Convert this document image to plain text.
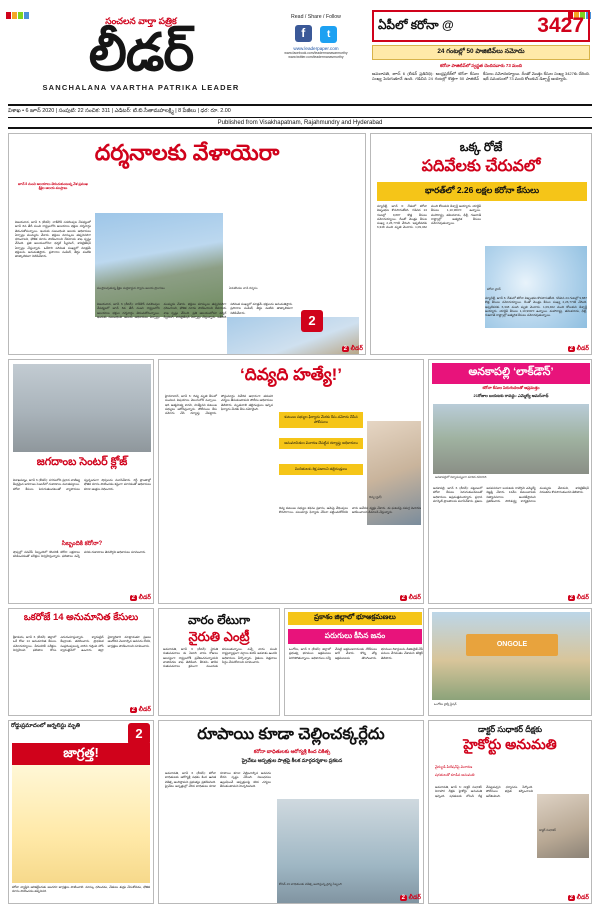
సంచలన వార్తా పత్రిక
లీడర్
SANCHALANA VAARTHA PATRIKA LEADER
Read / Share / Follow
f t
www.leaderpaper.com
www.facebook.com/leadermanavarmurthy
www.twitter.com/leadermanavmurthy
ఏపీలో కరోనా @	3427
24 గంటల్లో 50 పాజిటివ్‌లు నమోదు
కరోనా పాజిటివ్‌లో స్వస్థత చెందినవారు 73 మంది
అమరావతి, జూన్ 6 (లీడర్ ప్రతినిధి): ఆంధ్రప్రదేశ్‌లో కరోనా కేసుల సంఖ్య పెరుగుతూనే ఉంది. గడిచిన 24 గంటల్లో కొత్తగా 50 పాజిటివ్ కేసులు నమోదయ్యాయి. దీంతో మొత్తం కేసుల సంఖ్య 3427కు చేరింది. ఇదే సమయంలో 73 మంది కోలుకుని డిశ్చార్జ్ అయ్యారు.
విశాఖ • 6 జూన్ 2020 | సంపుటి: 22 సంచిక: 311 | ఎడిటర్: టి.బి.సీతామహలక్ష్మి | 8 పేజీలు | ధర: రూ. 2.00
Published from Visakhapatnam, Rajahmundry and Hyderabad
దర్శనాలకు వేళాయెరా
జూన్ 8 నుంచి ఆలయాలు తెరుచుకుంటున్న వేళ ప్రముఖ శ్రీశైల ఆలయ ముస్తాబు
ముస్తాబవుతున్న శ్రీశైల మల్లికార్జున స్వామి ఆలయ ప్రాంగణం	ఏడుకొండల వాడి దర్శనం
విజయవాడ, జూన్ 6 (లీడర్): లాక్‌డౌన్ సడలింపుల నేపథ్యంలో జూన్ 8వ తేదీ నుంచి రాష్ట్రంలోని ఆలయాలు భక్తుల దర్శనార్థం తెరుచుకోనున్నాయి. ఇందుకు సంబంధించి ఆలయ అధికారులు ఏర్పాట్లు ముమ్మరం చేశారు. భక్తులు మాస్కులు తప్పనిసరిగా ధరించాలని, భౌతిక దూరం పాటించాలని దేవదాయ శాఖ స్పష్టం చేసింది. ప్రతి ఆలయంలోనూ థర్మల్ స్క్రీనింగ్, శానిటైజేషన్ ఏర్పాట్లు చేస్తున్నారు. ఒకేసారి పరిమిత సంఖ్యలో మాత్రమే భక్తులను అనుమతిస్తారు. ప్రసాదాల పంపిణీ, తీర్థం వంటివి తాత్కాలికంగా నిలిపివేశారు.
విజయవాడ, జూన్ 6 (లీడర్): లాక్‌డౌన్ సడలింపుల నేపథ్యంలో జూన్ 8వ తేదీ నుంచి రాష్ట్రంలోని ఆలయాలు భక్తుల దర్శనార్థం తెరుచుకోనున్నాయి. ఇందుకు సంబంధించి ఆలయ అధికారులు ఏర్పాట్లు ముమ్మరం చేశారు. భక్తులు మాస్కులు తప్పనిసరిగా ధరించాలని, భౌతిక దూరం పాటించాలని దేవదాయ శాఖ స్పష్టం చేసింది. ప్రతి ఆలయంలోనూ థర్మల్ స్క్రీనింగ్, శానిటైజేషన్ ఏర్పాట్లు చేస్తున్నారు. ఒకేసారి పరిమిత సంఖ్యలో మాత్రమే భక్తులను అనుమతిస్తారు. ప్రసాదాల పంపిణీ, తీర్థం వంటివి తాత్కాలికంగా నిలిపివేశారు.
2
2 లీడర్
ఒక్క రోజే
పదివేలకు చేరువలో
భారత్‌లో 2.26 లక్షల కరోనా కేసులు
న్యూఢిల్లీ, జూన్ 6: దేశంలో కరోనా విజృంభణ కొనసాగుతోంది. గడిచిన 24 గంటల్లో 9,887 కొత్త కేసులు నమోదయ్యాయి. దీంతో మొత్తం కేసుల సంఖ్య 2,26,770కి చేరింది. ఇప్పటివరకు 6,348 మంది మృతి చెందారు. 1,09,462 మంది కోలుకుని డిశ్చార్జ్ అయ్యారు. యాక్టివ్ కేసులు 1,10,960గా ఉన్నాయి. మహారాష్ట్ర, తమిళనాడు, ఢిల్లీ, గుజరాత్ రాష్ట్రాల్లో అత్యధిక కేసులు నమోదవుతున్నాయి.
కరోనా వైరస్
న్యూఢిల్లీ, జూన్ 6: దేశంలో కరోనా విజృంభణ కొనసాగుతోంది. గడిచిన 24 గంటల్లో 9,887 కొత్త కేసులు నమోదయ్యాయి. దీంతో మొత్తం కేసుల సంఖ్య 2,26,770కి చేరింది. ఇప్పటివరకు 6,348 మంది మృతి చెందారు. 1,09,462 మంది కోలుకుని డిశ్చార్జ్ అయ్యారు. యాక్టివ్ కేసులు 1,10,960గా ఉన్నాయి. మహారాష్ట్ర, తమిళనాడు, ఢిల్లీ, గుజరాత్ రాష్ట్రాల్లో అత్యధిక కేసులు నమోదవుతున్నాయి.
2 లీడర్
జగదాంబ సెంటర్ క్లోజ్
విశాఖపట్నం, జూన్ 6 (లీడర్): నగరంలోని ప్రధాన వాణిజ్య కేంద్రమైన జగదాంబ సెంటర్‌లో దుకాణాలు మూతపడ్డాయి. కరోనా కేసులు పెరుగుతుండటంతో వ్యాపారులు స్వచ్ఛందంగా షాపులను మూసివేశారు. రద్దీ ప్రాంతాల్లో భౌతిక దూరం పాటించడం కష్టంగా మారడంతో అధికారులు కూడా ఆంక్షలు విధించారు.
సిబ్బందికి కరోనా?
షాపుల్లో పనిచేసే సిబ్బందిలో కొందరికి కరోనా లక్షణాలు కనిపించడంతో పరీక్షలు నిర్వహిస్తున్నారు. ఫలితాలు వచ్చే వరకు దుకాణాలు తెరవొద్దని అధికారులు సూచించారు.
2 లీడర్
‘దివ్యది హత్యే!’
హైదరాబాద్, జూన్ 6: దివ్య మృతి కేసులో సంచలన విషయాలు వెలుగులోకి వచ్చాయి. ఇది ఆత్మహత్య కాదని, హత్యేనని కుటుంబ సభ్యులు ఆరోపిస్తున్నారు. పోలీసులు కేసు నమోదు చేసి దర్యాప్తు చేపట్టారు. పోస్టుమార్టం నివేదిక ఆధారంగా తదుపరి చర్యలు తీసుకుంటామని పోలీసు అధికారులు తెలిపారు. మృతురాలి తల్లిదండ్రులు ఇచ్చిన ఫిర్యాదు మేరకు కేసు నమోదైంది.
కుటుంబ సభ్యుల ఫిర్యాదు మేరకు కేసు నమోదు చేసిన పోలీసులు
అనుమానితుల విచారణ చేపట్టిన దర్యాప్తు అధికారులు
నిందితులకు శిక్ష పడాలని తల్లిదండ్రులు
దివ్య (ఫైల్)
దివ్య కుటుంబ సభ్యుల కథనం ప్రకారం, ఆమెపై వేధింపులు కొనసాగాయి. పలుమార్లు ఫిర్యాదు చేసినా పట్టించుకోలేదని వారు ఆవేదన వ్యక్తం చేశారు. ఈ ఘటనపై సమగ్ర విచారణ జరిపించాలని డిమాండ్ చేస్తున్నారు.
2 లీడర్
అనకాపల్లి ‘లాక్‌డౌన్’
కరోనా కేసుల పెరుగుదలతో అప్రమత్తం
21రోజుల బయటకు రావద్దు: ఎమ్మెల్యే అమర్‌నాథ్
అనకాపల్లిలో నిర్మానుష్యంగా మారిన రహదారి
అనకాపల్లి, జూన్ 6 (లీడర్): పట్టణంలో కరోనా కేసులు పెరుగుతుండటంతో అధికారులు అప్రమత్తమయ్యారు. ప్రధాన మార్కెట్ ప్రాంతాలను మూసివేశారు. ప్రజలు అనవసరంగా బయటకు రావొద్దని ఎమ్మెల్యే విజ్ఞప్తి చేశారు. 14వేల కుటుంబాలకు నిత్యావసరాలు అందజేస్తామని ప్రకటించారు. పారిశుద్ధ్య కార్యక్రమాలు ముమ్మరం చేశామని, శానిటైజేషన్ నిరంతరం కొనసాగుతుందని తెలిపారు.
2 లీడర్
ఒకరోజే 14 అనుమానిత కేసులు
శ్రీకాకుళం, జూన్ 6 (లీడర్): జిల్లాలో ఒకే రోజు 14 అనుమానిత కేసులు నమోదయ్యాయి. వీరందరికీ పరీక్షలు నిర్వహించి ఫలితాల కోసం ఎదురుచూస్తున్నారు. క్వారంటైన్ కేంద్రాలకు తరలించారు. ప్రాథమిక సంప్రదింపులున్న వారిని గుర్తించి హోం క్వారంటైన్‌లో ఉంచారు. జిల్లా వైద్యాధికారి మాట్లాడుతూ ప్రజలు ఆందోళన చెందాల్సిన అవసరం లేదని, జాగ్రత్తలు పాటించాలని సూచించారు.
2 లీడర్
వారం లేటుగా
నైరుతి ఎంట్రీ
అమరావతి, జూన్ 6 (లీడర్): నైరుతి రుతుపవనాలు ఈ ఏడాది వారం రోజులు ఆలస్యంగా రాష్ట్రంలోకి ప్రవేశించనున్నాయని వాతావరణ శాఖ తెలిపింది. కేరళను తాకిన రుతుపవనాలు క్రమంగా ముందుకు కదులుతున్నాయి. వచ్చే వారం నుంచి రాష్ట్రవ్యాప్తంగా వర్షాలు కురిసే అవకాశం ఉందని అధికారులు పేర్కొన్నారు. రైతులు విత్తనాలు సిద్ధం చేసుకోవాలని సూచించారు.
ప్రకాశం జిల్లాలో భూఆక్రమణలు
పరుగులు కీసిన జనం
ఒంగోలు, జూన్ 6 (లీడర్): జిల్లాలో ప్రభుత్వ భూముల ఆక్రమణలు పెరిగిపోతున్నాయి. అధికారులు సర్వే చేపట్టి ఆక్రమణదారులకు నోటీసులు జారీ చేశారు. కొన్ని చోట్ల ఆక్రమణలను తొలగించారు. భూముల రికార్డులను డిజిటలైజ్ చేసే పనులు వేగవంతం చేశామని కలెక్టర్ తెలిపారు.
ONGOLE
ఒంగోలు రైల్వే స్టేషన్
రోడ్డుప్రమాదంలో జర్నలిస్టు మృతి	2
జాగ్రత్త!
కరోనా వ్యాప్తిని అరికట్టేందుకు అందరూ జాగ్రత్తలు పాటించాలి. మాస్కు ధరించడం, చేతులు శుభ్రం చేసుకోవడం, భౌతిక దూరం పాటించడం తప్పనిసరి.
రూపాయి కూడా చెల్లించక్కర్లేదు
కరోనా బాధితులకు ఆరోగ్యశ్రీ కింద చికిత్స
ప్రైవేటు ఆస్పత్రుల పాత్రపై కీలక మార్గదర్శకాల ప్రకటన
అమరావతి, జూన్ 6 (లీడర్): కరోనా బాధితులకు ఆరోగ్యశ్రీ పథకం కింద ఉచిత చికిత్స అందిస్తామని ప్రభుత్వం ప్రకటించింది. ప్రైవేటు ఆస్పత్రుల్లో చేరిన బాధితులు కూడా రూపాయి కూడా చెల్లించాల్సిన అవసరం లేదని స్పష్టం చేసింది. నిబంధనలు ఉల్లంఘించే ఆస్పత్రులపై కఠిన చర్యలు తీసుకుంటామని హెచ్చరించింది.
కోవిడ్-19 బాధితులకు చికిత్స అందిస్తున్న వైద్య సిబ్బంది
2 లీడర్
డాక్టర్ సుధాకర్ దీక్షకు
హైకోర్టు అనుమతి
వైద్యుడి పిటిషన్‌పై విచారణ
షరతులతో కూడిన అనుమతి
డాక్టర్ సుధాకర్
అమరావతి, జూన్ 6: డాక్టర్ సుధాకర్ నిరాహార దీక్షకు హైకోర్టు అనుమతి ఇచ్చింది. షరతులకు లోబడి దీక్ష చేపట్టవచ్చని ధర్మాసనం పేర్కొంది. పోలీసులు భద్రత కల్పించాలని ఆదేశించింది.
2 లీడర్
